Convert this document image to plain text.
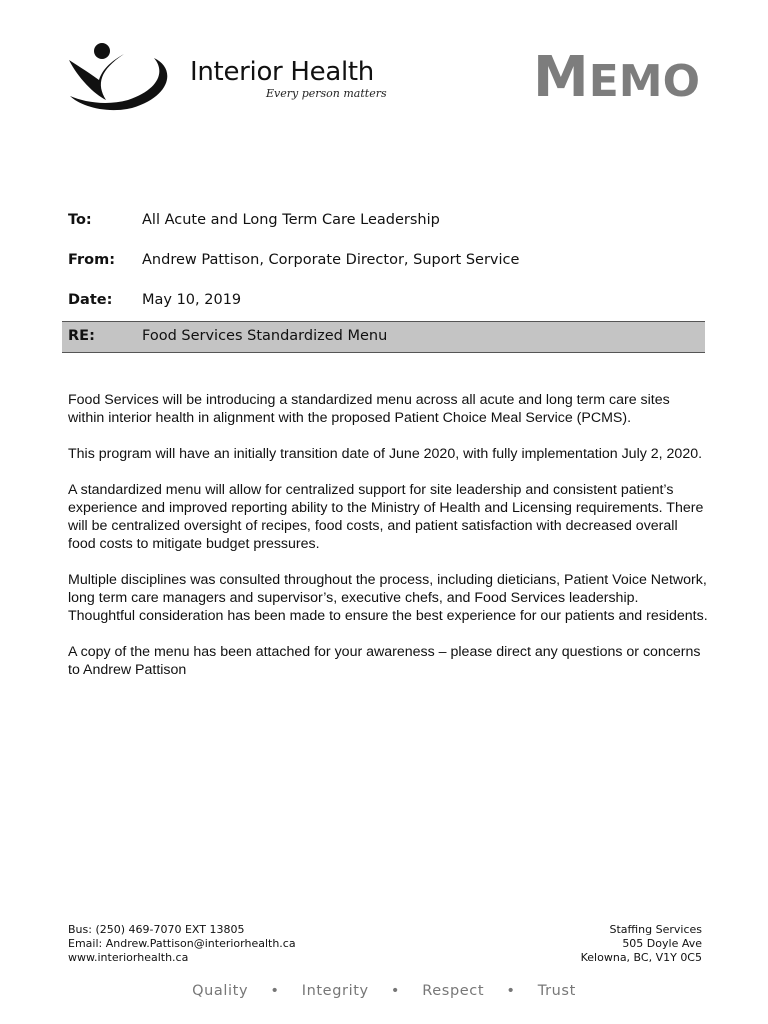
Interior Health
Every person matters	MEMO
To:	All Acute and Long Term Care Leadership
From: Andrew Pattison, Corporate Director, Suport Service
Date: May 10, 2019
RE:	Food Services Standardized Menu

Food Services will be introducing a standardized menu across all acute and long term care sites within interior health in alignment with the proposed Patient Choice Meal Service (PCMS).

This program will have an initially transition date of June 2020, with fully implementation July 2, 2020.

A standardized menu will allow for centralized support for site leadership and consistent patient’s experience and improved reporting ability to the Ministry of Health and Licensing requirements. There will be centralized oversight of recipes, food costs, and patient satisfaction with decreased overall food costs to mitigate budget pressures.

Multiple disciplines was consulted throughout the process, including dieticians, Patient Voice Network, long term care managers and supervisor’s, executive chefs, and Food Services leadership. Thoughtful consideration has been made to ensure the best experience for our patients and residents.

A copy of the menu has been attached for your awareness – please direct any questions or concerns to Andrew Pattison

Bus: (250) 469-7070 EXT 13805
Email: Andrew.Pattison@interiorhealth.ca
www.interiorhealth.ca
Staffing Services
505 Doyle Ave
Kelowna, BC, V1Y 0C5
Quality • Integrity • Respect • Trust
